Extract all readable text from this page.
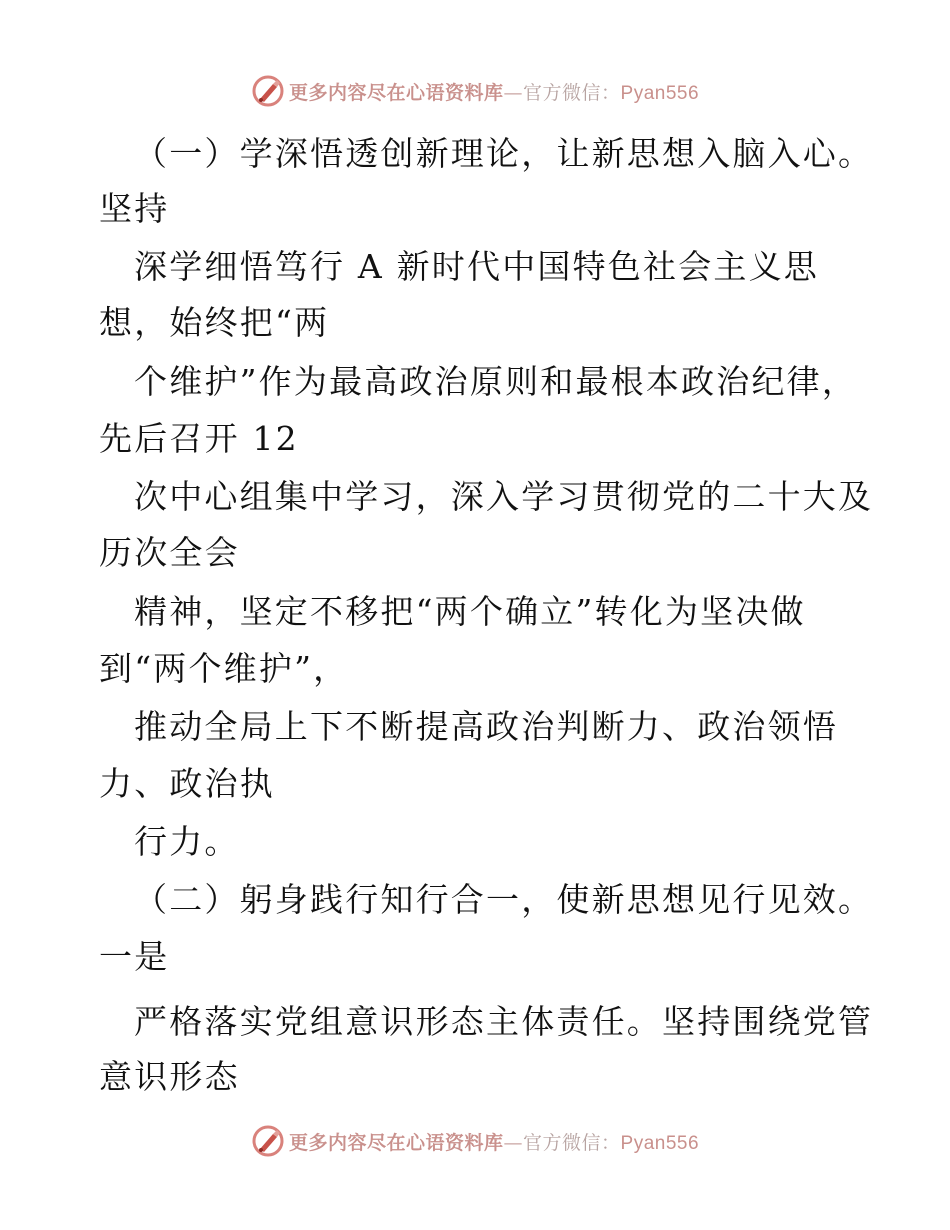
更多内容尽在心语资料库—官方微信：Pyan556

（一）学深悟透创新理论，让新思想入脑入心。

坚持

深学细悟笃行 A 新时代中国特色社会主义思

想，始终把“两

个维护”作为最高政治原则和最根本政治纪律，

先后召开 12

次中心组集中学习，深入学习贯彻党的二十大及

历次全会

精神，坚定不移把“两个确立”转化为坚决做

到“两个维护”，

推动全局上下不断提高政治判断力、政治领悟

力、政治执

行力。

（二）躬身践行知行合一，使新思想见行见效。

一是

严格落实党组意识形态主体责任。坚持围绕党管

意识形态

更多内容尽在心语资料库—官方微信：Pyan556
